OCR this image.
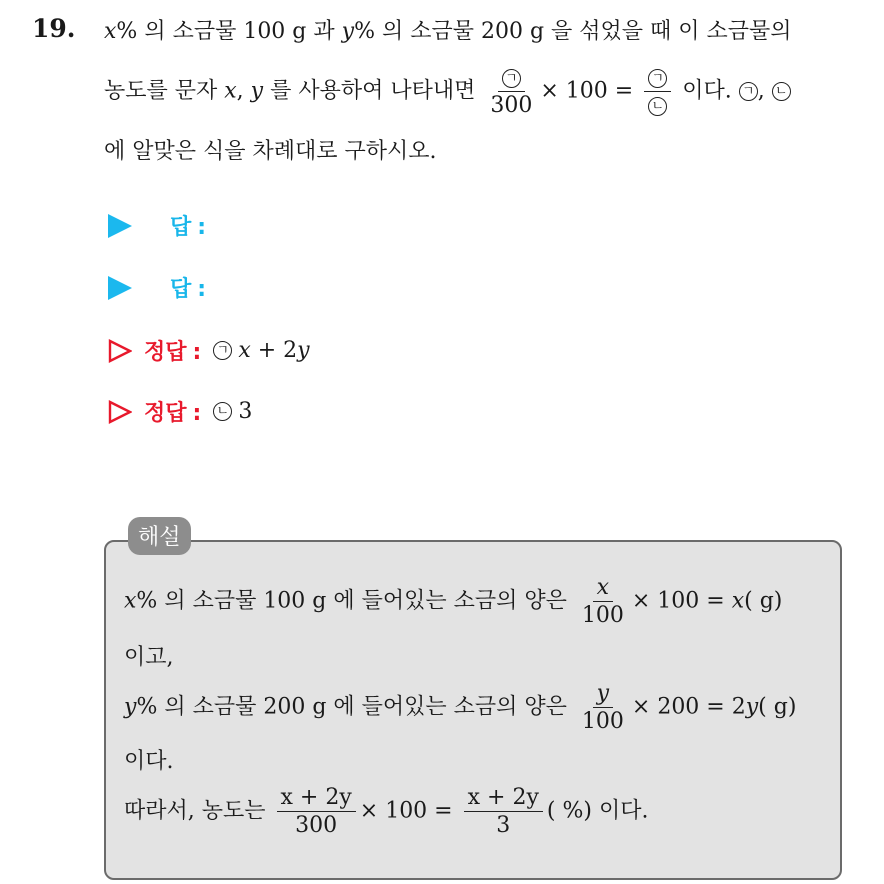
19. x% 의 소금물 100 g 과 y% 의 소금물 200 g 을 섞었을 때 이 소금물의
농도를 문자 x, y 를 사용하여 나타내면 $\frac{\text{ㄱ}}{300} \times 100 = \frac{\text{ㄱ}}{\text{ㄴ}}$ 이다. ㄱ , ㄴ
에 알맞은 식을 차례대로 구하시오.
답 :
답 :
정답 : ㄱ x + 2y
정답 : ㄴ 3
해설
x% 의 소금물 100 g 에 들어있는 소금의 양은 $\frac{x}{100} \times 100 = x$( g)
이고,
y% 의 소금물 200 g 에 들어있는 소금의 양은 $\frac{y}{100} \times 200 = 2y$( g)
이다.
따라서, 농도는 $\frac{x + 2y}{300} \times 100 = \frac{x + 2y}{3}$ ( %) 이다.
